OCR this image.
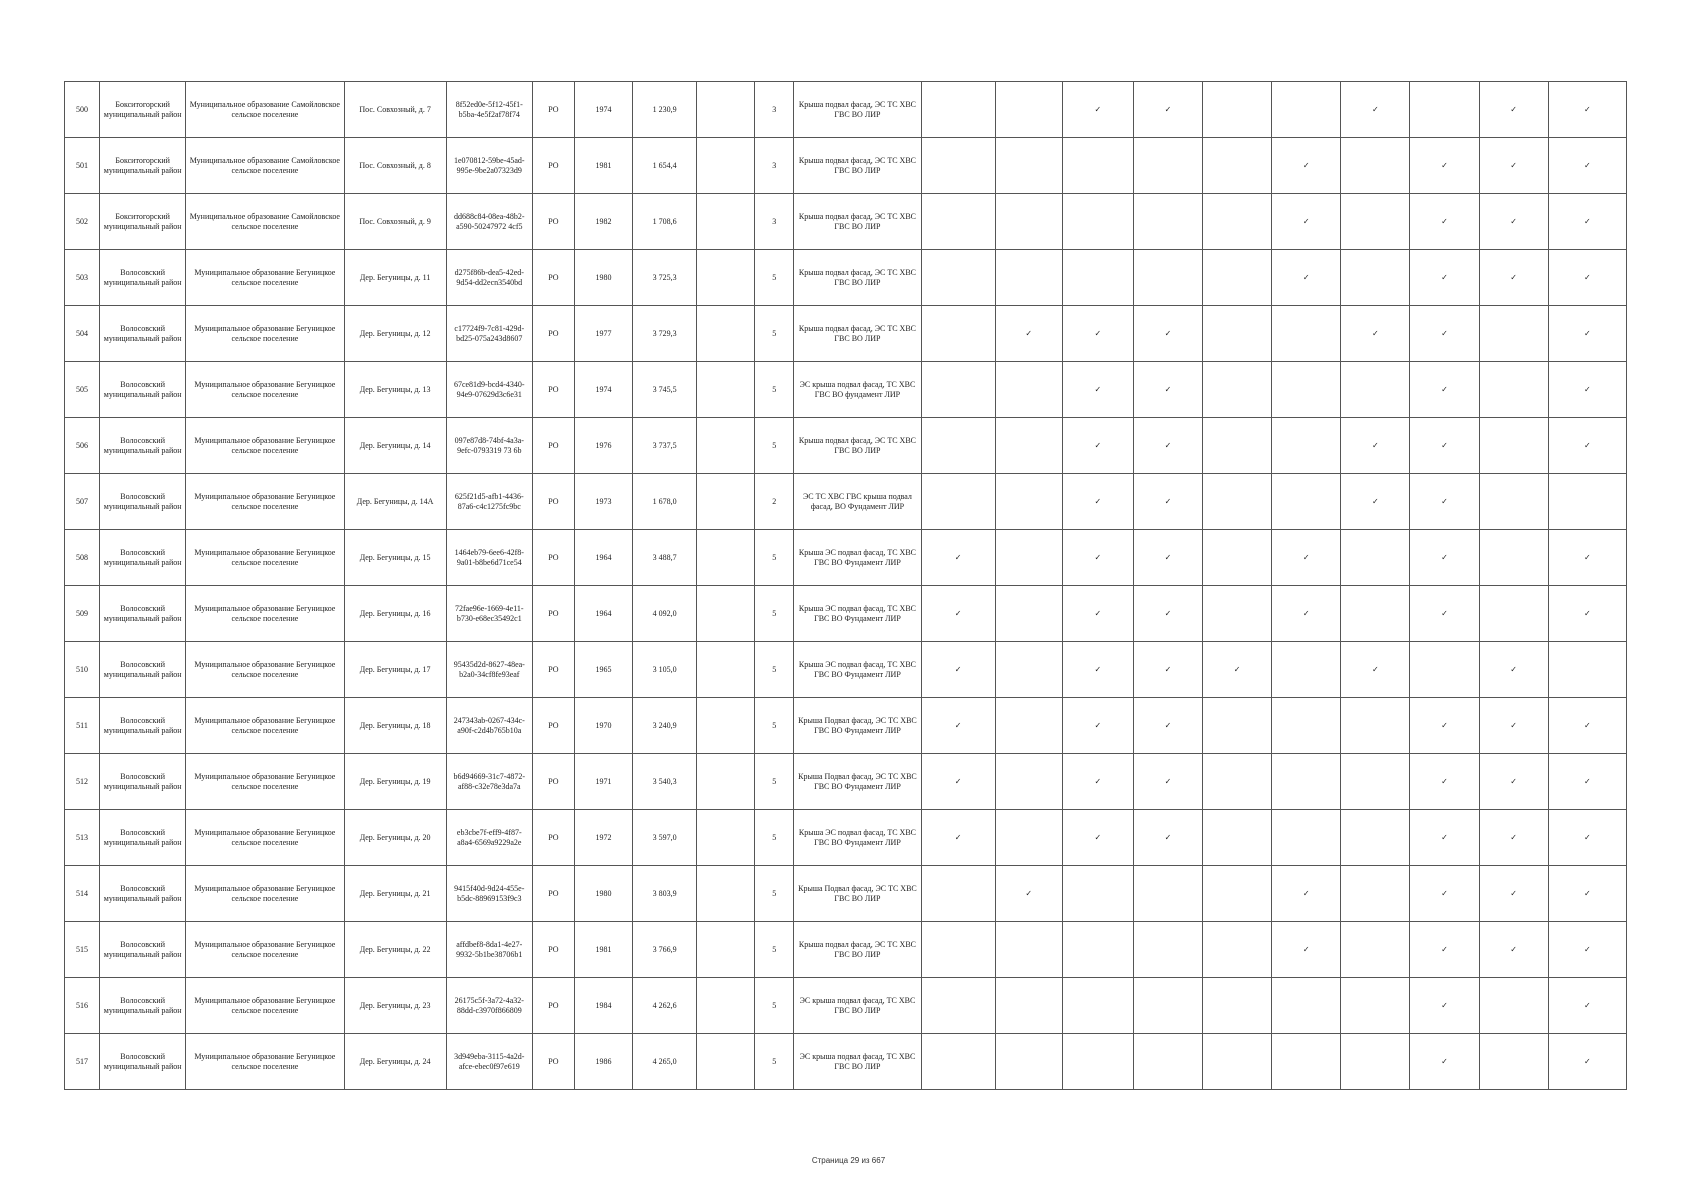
500	Бокситогорский муниципальный район	Муниципальное образование Самойловское сельское поселение	Пос. Совхозный, д. 7	8f52ed0e-5f12-45f1-b5ba-4e5f2af78f74	РО	1974	1 230,9		3	Крыша подвал фасад, ЭС ТС ХВС ГВС ВО ЛИР			✓	✓			✓		✓	✓
501	Бокситогорский муниципальный район	Муниципальное образование Самойловское сельское поселение	Пос. Совхозный, д. 8	1e070812-59be-45ad-995e-9be2a07323d9	РО	1981	1 654,4		3	Крыша подвал фасад, ЭС ТС ХВС ГВС ВО ЛИР						✓		✓	✓	✓
502	Бокситогорский муниципальный район	Муниципальное образование Самойловское сельское поселение	Пос. Совхозный, д. 9	dd688c84-08ea-48b2-a590-50247972 4cf5	РО	1982	1 708,6		3	Крыша подвал фасад, ЭС ТС ХВС ГВС ВО ЛИР						✓		✓	✓	✓
503	Волосовский муниципальный район	Муниципальное образование Бегуницкое сельское поселение	Дер. Бегуницы, д. 11	d275f86b-dea5-42ed-9d54-dd2ecn3540bd	РО	1980	3 725,3		5	Крыша подвал фасад, ЭС ТС ХВС ГВС ВО ЛИР						✓		✓	✓	✓
504	Волосовский муниципальный район	Муниципальное образование Бегуницкое сельское поселение	Дер. Бегуницы, д. 12	c17724f9-7c81-429d-bd25-075a243d8607	РО	1977	3 729,3		5	Крыша подвал фасад, ЭС ТС ХВС ГВС ВО ЛИР		✓	✓	✓			✓	✓		✓
505	Волосовский муниципальный район	Муниципальное образование Бегуницкое сельское поселение	Дер. Бегуницы, д. 13	67ce81d9-bcd4-4340-94e9-07629d3c6e31	РО	1974	3 745,5		5	ЭС крыша подвал фасад, ТС ХВС ГВС ВО фундамент ЛИР			✓	✓				✓		✓
506	Волосовский муниципальный район	Муниципальное образование Бегуницкое сельское поселение	Дер. Бегуницы, д. 14	097e87d8-74bf-4a3a-9efc-0793319 73 6b	РО	1976	3 737,5		5	Крыша подвал фасад, ЭС ТС ХВС ГВС ВО ЛИР			✓	✓			✓	✓		✓
507	Волосовский муниципальный район	Муниципальное образование Бегуницкое сельское поселение	Дер. Бегуницы, д. 14А	625f21d5-afb1-4436-87a6-c4c1275fc9bc	РО	1973	1 678,0		2	ЭС ТС ХВС ГВС крыша подвал фасад, ВО Фундамент ЛИР			✓	✓			✓	✓		
508	Волосовский муниципальный район	Муниципальное образование Бегуницкое сельское поселение	Дер. Бегуницы, д. 15	1464eb79-6ee6-42f8-9a01-b8be6d71ce54	РО	1964	3 488,7		5	Крыша ЭС подвал фасад, ТС ХВС ГВС ВО Фундамент ЛИР	✓		✓	✓		✓		✓		✓
509	Волосовский муниципальный район	Муниципальное образование Бегуницкое сельское поселение	Дер. Бегуницы, д. 16	72fae96e-1669-4e11-b730-e68ec35492c1	РО	1964	4 092,0		5	Крыша ЭС подвал фасад, ТС ХВС ГВС ВО Фундамент ЛИР	✓		✓	✓		✓		✓		✓
510	Волосовский муниципальный район	Муниципальное образование Бегуницкое сельское поселение	Дер. Бегуницы, д. 17	95435d2d-8627-48ea-b2a0-34cf8fe93eaf	РО	1965	3 105,0		5	Крыша ЭС подвал фасад, ТС ХВС ГВС ВО Фундамент ЛИР	✓		✓	✓	✓		✓		✓	
511	Волосовский муниципальный район	Муниципальное образование Бегуницкое сельское поселение	Дер. Бегуницы, д. 18	247343ab-0267-434c-a90f-c2d4b765b10a	РО	1970	3 240,9		5	Крыша Подвал фасад, ЭС ТС ХВС ГВС ВО Фундамент ЛИР	✓		✓	✓				✓	✓	✓
512	Волосовский муниципальный район	Муниципальное образование Бегуницкое сельское поселение	Дер. Бегуницы, д. 19	b6d94669-31c7-4872-af88-c32e78e3da7a	РО	1971	3 540,3		5	Крыша Подвал фасад, ЭС ТС ХВС ГВС ВО Фундамент ЛИР	✓		✓	✓				✓	✓	✓
513	Волосовский муниципальный район	Муниципальное образование Бегуницкое сельское поселение	Дер. Бегуницы, д. 20	eb3cbe7f-eff9-4f87-a8a4-6569a9229a2e	РО	1972	3 597,0		5	Крыша ЭС подвал фасад, ТС ХВС ГВС ВО Фундамент ЛИР	✓		✓	✓				✓	✓	✓
514	Волосовский муниципальный район	Муниципальное образование Бегуницкое сельское поселение	Дер. Бегуницы, д. 21	9415f40d-9d24-455e-b5dc-88969153f9c3	РО	1980	3 803,9		5	Крыша Подвал фасад, ЭС ТС ХВС ГВС ВО ЛИР		✓				✓		✓	✓	✓
515	Волосовский муниципальный район	Муниципальное образование Бегуницкое сельское поселение	Дер. Бегуницы, д. 22	affdbef8-8da1-4e27-9932-5b1be38706b1	РО	1981	3 766,9		5	Крыша подвал фасад, ЭС ТС ХВС ГВС ВО ЛИР						✓		✓	✓	✓
516	Волосовский муниципальный район	Муниципальное образование Бегуницкое сельское поселение	Дер. Бегуницы, д. 23	26175c5f-3a72-4a32-88dd-c3970f866809	РО	1984	4 262,6		5	ЭС крыша подвал фасад, ТС ХВС ГВС ВО ЛИР								✓		✓
517	Волосовский муниципальный район	Муниципальное образование Бегуницкое сельское поселение	Дер. Бегуницы, д. 24	3d949eba-3115-4a2d-afce-ebec0f97e619	РО	1986	4 265,0		5	ЭС крыша подвал фасад, ТС ХВС ГВС ВО ЛИР								✓		✓
Страница 29 из 667
